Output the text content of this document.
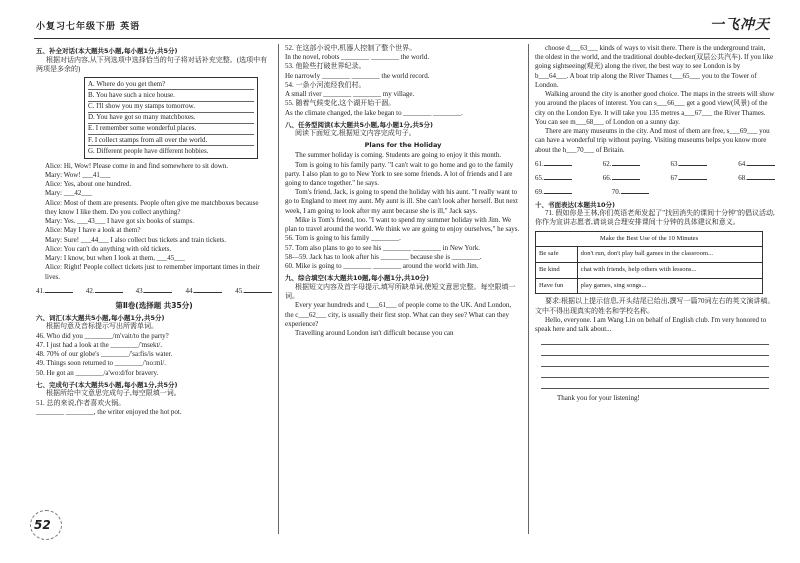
小复习七年级下册 英语	一飞冲天
五、补全对话(本大题共5小题,每小题1分,共5分)

根据对话内容,从下列选项中选择恰当的句子将对话补充完整。(选项中有两项是多余的)

A. Where do you get them?
B. You have such a nice house.
C. I'll show you my stamps tomorrow.
D. You have got so many matchboxes.
E. I remember some wonderful places.
F. I collect stamps from all over the world.
G. Different people have different hobbies.

Alice: Hi, Wow! Please come in and find somewhere to sit down.

Mary: Wow! ___41___

Alice: Yes, about one hundred.

Mary: ___42___

Alice: Most of them are presents. People often give me matchboxes because they know I like them. Do you collect anything?

Mary: Yes. ___43___ I have got six books of stamps.

Alice: May I have a look at them?

Mary: Sure! ___44___ I also collect bus tickets and train tickets.

Alice: You can't do anything with old tickets.

Mary: I know, but when I look at them, ___45___

Alice: Right! People collect tickets just to remember important times in their lives.

41.	42.	43.	44.	45.
第Ⅱ卷(选择题 共35分)
六、词汇(本大题共5小题,每小题1分,共5分)

根据句意及音标提示写出所需单词。

46. Who did you ________/m'vait/to the party?

47. I just had a look at the ________/'msekt/.

48. 70% of our globe's ________/'sa:fis/is water.

49. Things soon returned to ________/'no:ml/.

50. He got an ________/a'wo:d/for bravery.

七、完成句子(本大题共5小题,每小题1分,共5分)

根据所给中文意思完成句子,每空限填一词。

51. 总的来说,作者喜欢火锅。

________ ________, the writer enjoyed the hot pot.

52. 在这部小说中,机器人控制了整个世界。

In the novel, robots ________ ________ the world.

53. 他险些打破世界纪录。

He narrowly ________ ________ the world record.

54. 一条小河流经我们村。

A small river ________ ________ my village.

55. 随着气候变化,这个湖开始干涸。

As the climate changed, the lake began to ________ ________.

八、任务型阅读(本大题共5小题,每小题1分,共5分)

阅读下面短文,根据短文内容完成句子。

Plans for the Holiday

The summer holiday is coming. Students are going to enjoy it this month.

Tom is going to his family party. "I can't wait to go home and go to the family party. I also plan to go to New York to see some friends. A lot of friends and I are going to dance together." he says.

Tom's friend, Jack, is going to spend the holiday with his aunt. "I really want to go to England to meet my aunt. My aunt is ill. She can't look after herself. But next week, I am going to look after my aunt because she is ill," Jack says.

Mike is Tom's friend, too. "I want to spend my summer holiday with Jim. We plan to travel around the world. We think we are going to enjoy ourselves," he says.

56. Tom is going to his family ________.

57. Tom also plans to go to see his ________ ________ in New York.

58—59. Jack has to look after his ________ because she is ________.

60. Mike is going to ________ ________ around the world with Jim.

九、综合填空(本大题共10题,每小题1分,共10分)

根据短文内容及首字母提示,填写所缺单词,使短文意思完整。每空限填一词。

Every year hundreds and t___61___ of people come to the UK. And London, the c___62___ city, is usually their first stop. What can they see? What can they experience?

Travelling around London isn't difficult because you can

choose d___63___ kinds of ways to visit there. There is the underground train, the oldest in the world, and the traditional double-decker(双层公共汽车). If you like going sightseeing(观光) along the river, the best way to see London is by b___64___. A boat trip along the River Thames t___65___ you to the Tower of London.

Walking around the city is another good choice. The maps in the streets will show you around the places of interest. You can s___66___ get a good view(风景) of the city on the London Eye. It will take you 135 metres a___67___ the River Thames. You can see m___68___ of London on a sunny day.

There are many museums in the city. And most of them are free, s___69___ you can have a wonderful trip without paying. Visiting museums helps you know more about the h___70___ of Britain.

61.	62.	63.	64.
65.	66.	67.	68.
69.	70.
十、书面表达(本题共10分)

71. 假如你是王林,你们英语老师发起了"找回消失的课间十分钟"的倡议活动,你作为宣讲志愿者,请谈谈合理安排课间十分钟的具体建议和意义。

Make the Best Use of the 10 Minutes	
Be safe	don't run, don't play ball games in the classroom...
Be kind	chat with friends, help others with lessons...
Have fun	play games, sing songs...

要求:根据以上提示信息,开头结尾已给出,撰写一篇70词左右的英文演讲稿。文中不得出现真实的姓名和学校名称。

Hello, everyone. I am Wang Lin on behalf of English club. I'm very honored to speak here and talk about...

Thank you for your listening!

52
